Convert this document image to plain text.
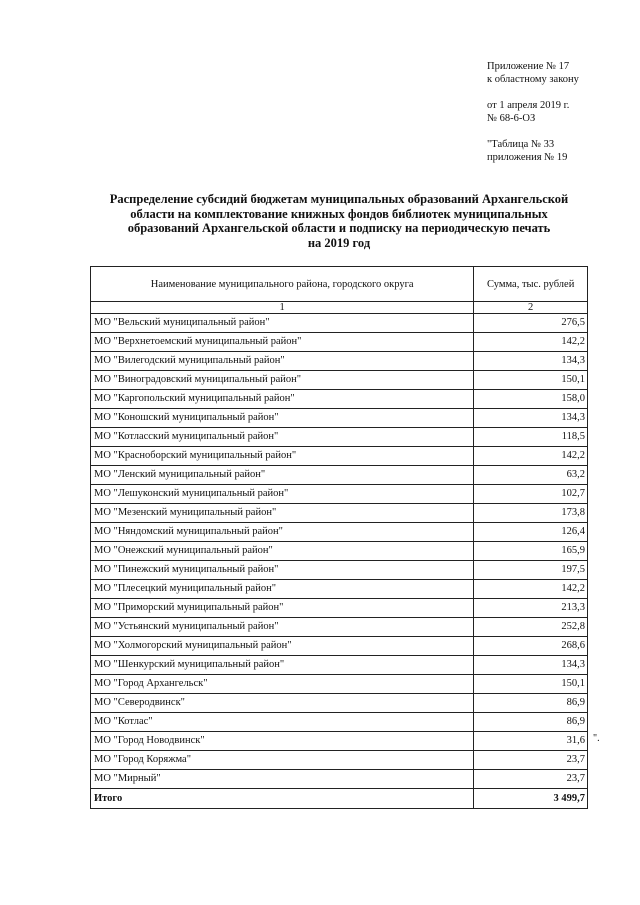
Приложение № 17
к областному закону
от 1 апреля 2019 г.
№ 68-6-ОЗ
"Таблица № 33
приложения № 19
Распределение субсидий бюджетам муниципальных образований Архангельской
области на комплектование книжных фондов библиотек муниципальных
образований Архангельской области и подписку на периодическую печать
на 2019 год
Наименование муниципального района, городского округа	Сумма, тыс. рублей
1	2
МО "Вельский муниципальный район"	276,5
МО "Верхнетоемский муниципальный район"	142,2
МО "Вилегодский муниципальный район"	134,3
МО "Виноградовский муниципальный район"	150,1
МО "Каргопольский муниципальный район"	158,0
МО "Коношский муниципальный район"	134,3
МО "Котласский муниципальный район"	118,5
МО "Красноборский муниципальный район"	142,2
МО "Ленский муниципальный район"	63,2
МО "Лешуконский муниципальный район"	102,7
МО "Мезенский муниципальный район"	173,8
МО "Няндомский муниципальный район"	126,4
МО "Онежский муниципальный район"	165,9
МО "Пинежский муниципальный район"	197,5
МО "Плесецкий муниципальный район"	142,2
МО "Приморский муниципальный район"	213,3
МО "Устьянский муниципальный район"	252,8
МО "Холмогорский муниципальный район"	268,6
МО "Шенкурский муниципальный район"	134,3
МО "Город Архангельск"	150,1
МО "Северодвинск"	86,9
МО "Котлас"	86,9
МО "Город Новодвинск"	31,6
МО "Город Коряжма"	23,7
МО "Мирный"	23,7
Итого	3 499,7
".
